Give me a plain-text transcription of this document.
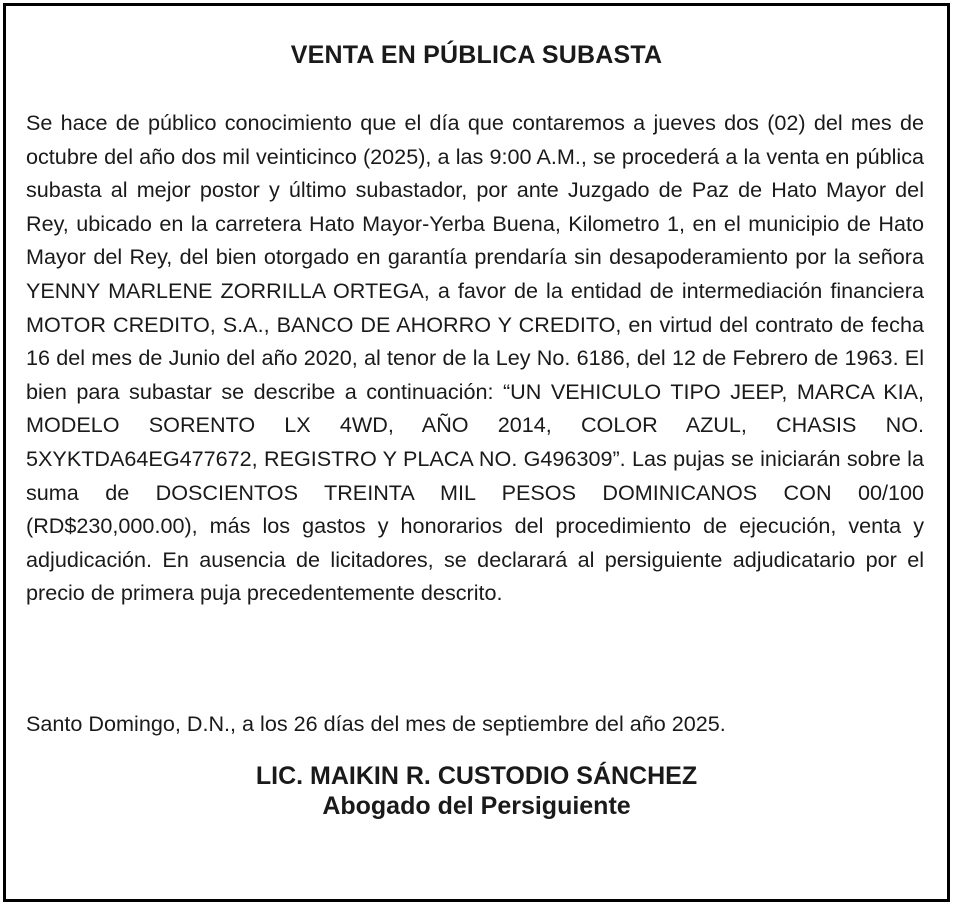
VENTA EN PÚBLICA SUBASTA
Se hace de público conocimiento que el día que contaremos a jueves dos (02) del mes de octubre del año dos mil veinticinco (2025), a las 9:00 A.M., se procederá a la venta en pública subasta al mejor postor y último subastador, por ante Juzgado de Paz de Hato Mayor del Rey, ubicado en la carretera Hato Mayor-Yerba Buena, Kilometro 1, en el municipio de Hato Mayor del Rey, del bien otorgado en garantía prendaría sin desapoderamiento por la señora YENNY MARLENE ZORRILLA ORTEGA, a favor de la entidad de intermediación financiera MOTOR CREDITO, S.A., BANCO DE AHORRO Y CREDITO, en virtud del contrato de fecha 16 del mes de Junio del año 2020, al tenor de la Ley No. 6186, del 12 de Febrero de 1963. El bien para subastar se describe a continuación: “UN VEHICULO TIPO JEEP, MARCA KIA, MODELO SORENTO LX 4WD, AÑO 2014, COLOR AZUL, CHASIS NO. 5XYKTDA64EG477672, REGISTRO Y PLACA NO. G496309”. Las pujas se iniciarán sobre la suma de DOSCIENTOS TREINTA MIL PESOS DOMINICANOS CON 00/100 (RD$230,000.00), más los gastos y honorarios del procedimiento de ejecución, venta y adjudicación. En ausencia de licitadores, se declarará al persiguiente adjudicatario por el precio de primera puja precedentemente descrito.
Santo Domingo, D.N., a los 26 días del mes de septiembre del año 2025.
LIC. MAIKIN R. CUSTODIO SÁNCHEZ
Abogado del Persiguiente
